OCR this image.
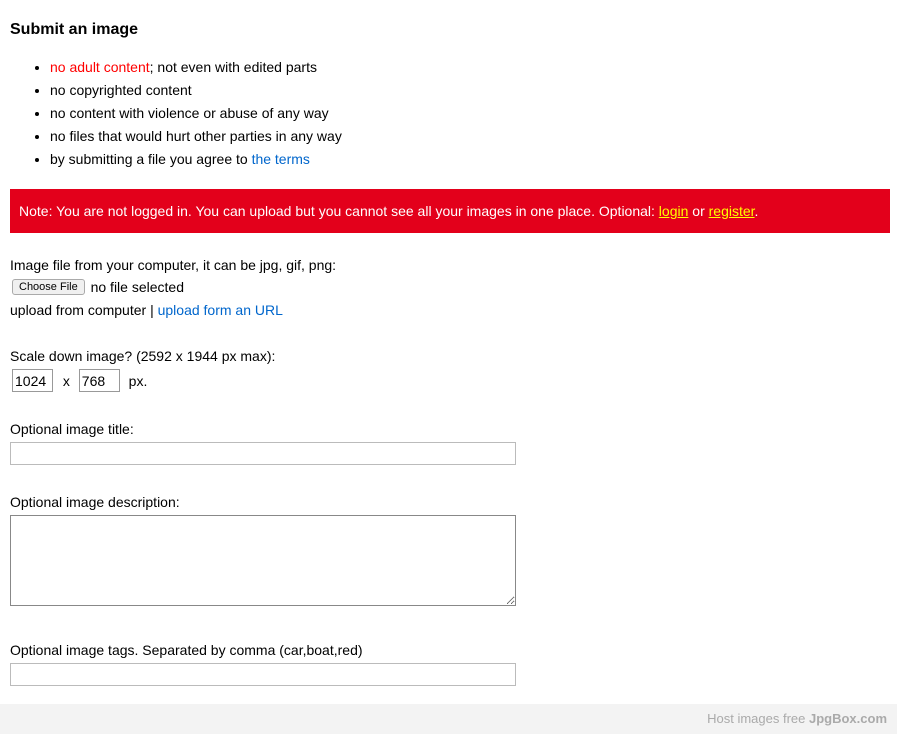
Submit an image
• no adult content; not even with edited parts
• no copyrighted content
• no content with violence or abuse of any way
• no files that would hurt other parties in any way
• by submitting a file you agree to the terms
Note: You are not logged in. You can upload but you cannot see all your images in one place. Optional: login or register.
Image file from your computer, it can be jpg, gif, png:
Choose File no file selected
upload from computer | upload form an URL
Scale down image? (2592 x 1944 px max):
1024 x 768	px.
Optional image title:
Optional image description:
Optional image tags. Separated by comma (car,boat,red)
Host images free JpgBox.com
